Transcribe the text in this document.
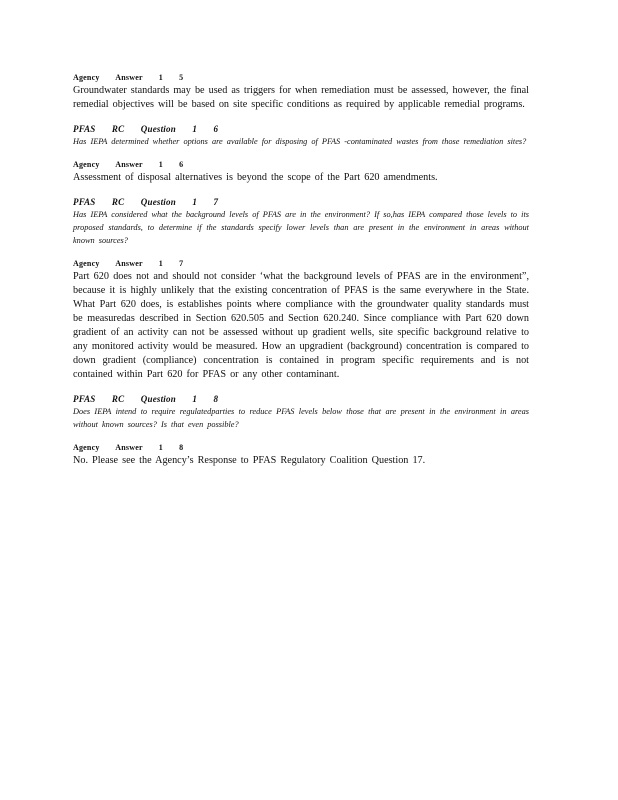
Agency Answer 1 5
Groundwater standards may be used as triggers for when remediation must be assessed, however, the final remedial objectives will be based on site specific conditions as required by applicable remedial programs.
PFAS RC Question 1 6
Has IEPA determined whether options are available for disposing of PFAS -contaminated wastes from those remediation sites?
Agency Answer 1 6
Assessment of disposal alternatives is beyond the scope of the Part 620 amendments.
PFAS RC Question 1 7
Has IEPA considered what the background levels of PFAS are in the environment? If so,has IEPA compared those levels to its proposed standards, to determine if the standards specify lower levels than are present in the environment in areas without known sources?
Agency Answer 1 7
Part 620 does not and should not consider ‘what the background levels of PFAS are in the environment”, because it is highly unlikely that the existing concentration of PFAS is the same everywhere in the State. What Part 620 does, is establishes points where compliance with the groundwater quality standards must be measuredas described in Section 620.505 and Section 620.240. Since compliance with Part 620 down gradient of an activity can not be assessed without up gradient wells, site specific background relative to any monitored activity would be measured. How an upgradient (background) concentration is compared to down gradient (compliance) concentration is contained in program specific requirements and is not contained within Part 620 for PFAS or any other contaminant.
PFAS RC Question 1 8
Does IEPA intend to require regulatedparties to reduce PFAS levels below those that are present in the environment in areas without known sources? Is that even possible?
Agency Answer 1 8
No. Please see the Agency’s Response to PFAS Regulatory Coalition Question 17.
